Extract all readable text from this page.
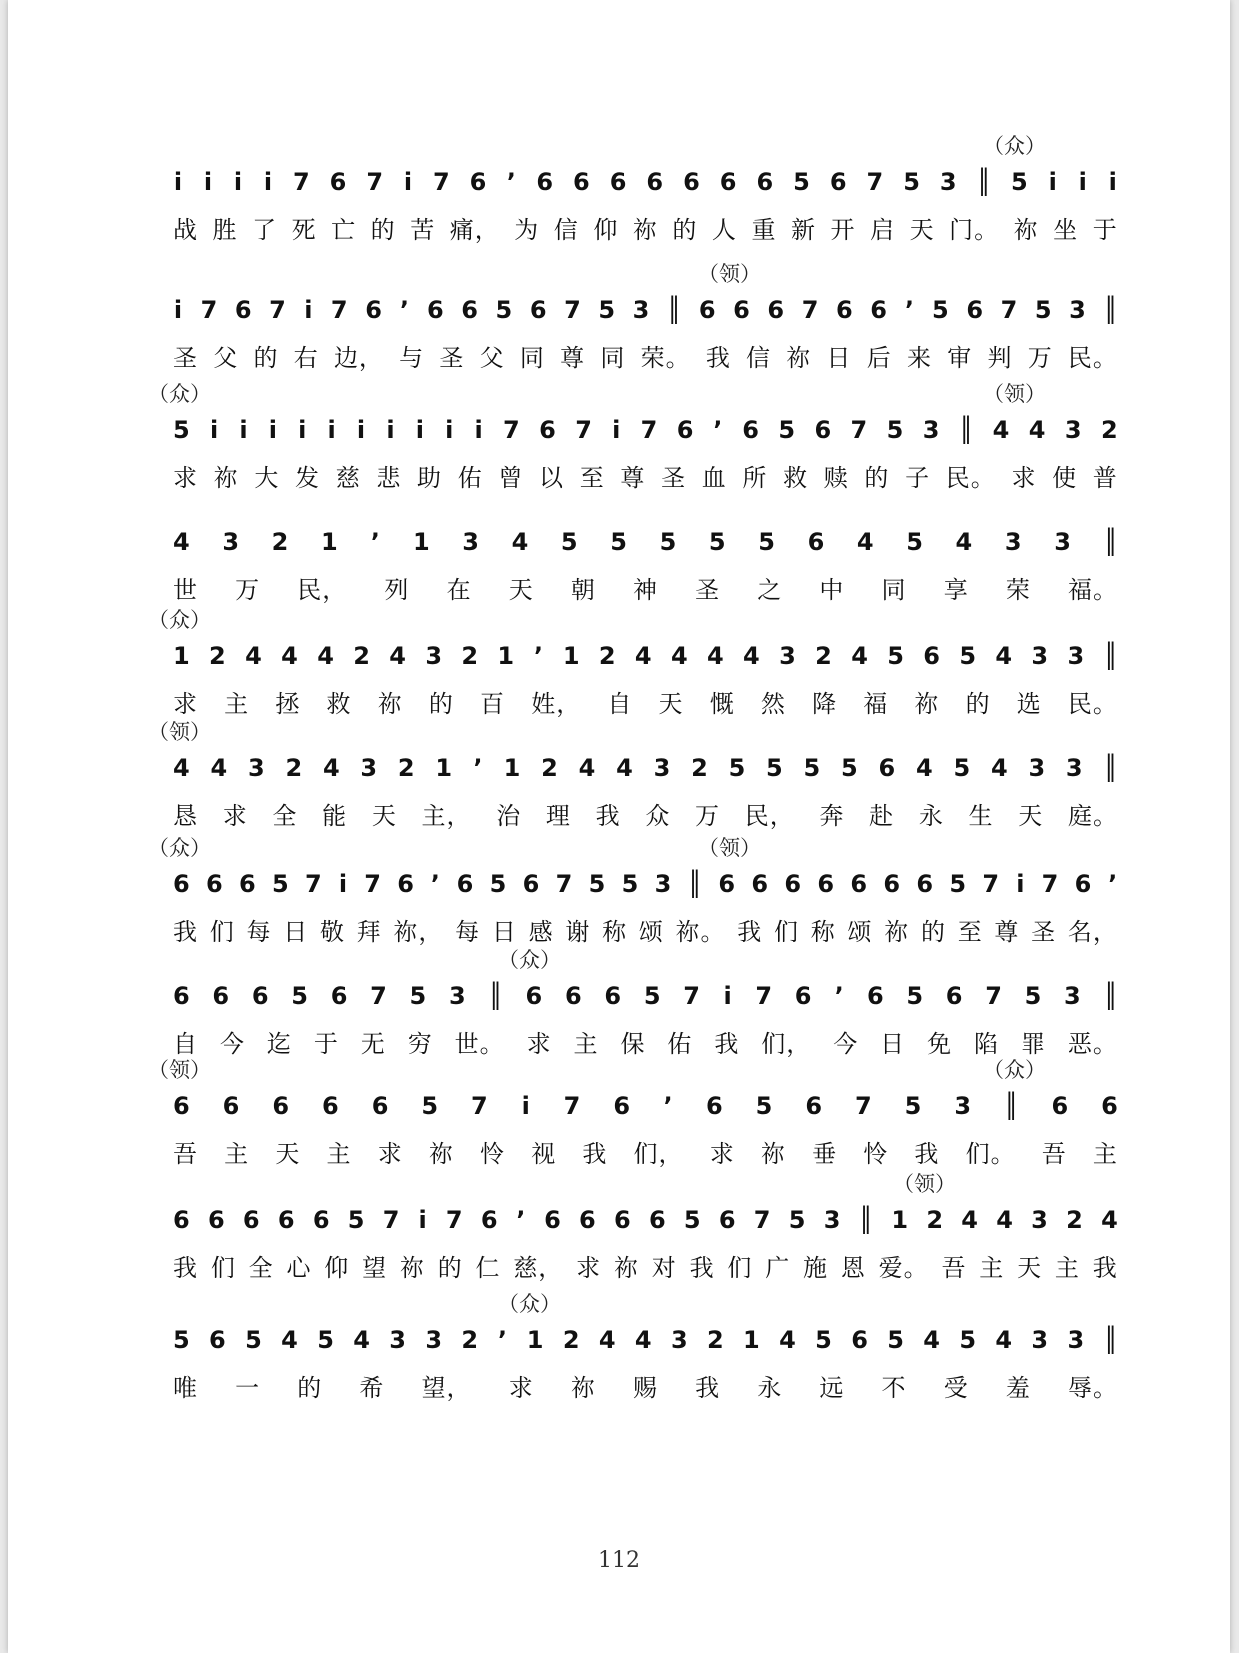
（众）
i i i i 7 6 7 i 7 6 ’ 6 6 6 6 6 6 6 5 6 7 5 3 ║ 5 i i i
战 胜 了 死 亡 的 苦 痛， 为 信 仰 祢 的 人 重 新 开 启 天 门。 祢 坐 于
（领）
i 7 6 7 i 7 6 ’ 6 6 5 6 7 5 3 ║ 6 6 6 7 6 6 ’ 5 6 7 5 3 ║
圣 父 的 右 边， 与 圣 父 同 尊 同 荣。 我 信 祢 日 后 来 审 判 万 民。
（众）	（领）
5 i i i i i i i i i i 7 6 7 i 7 6 ’ 6 5 6 7 5 3 ║ 4 4 3 2
求 祢 大 发 慈 悲 助 佑 曾 以 至 尊 圣 血 所 救 赎 的 子 民。 求 使 普
4 3 2 1 ’ 1 3 4 5 5 5 5 5 6 4 5 4 3 3 ║
世 万 民， 列 在 天 朝 神 圣 之 中 同 享 荣 福。
（众）
1 2 4 4 4 2 4 3 2 1 ’ 1 2 4 4 4 4 3 2 4 5 6 5 4 3 3 ║
求 主 拯 救 祢 的 百 姓， 自 天 慨 然 降 福 祢 的 选 民。
（领）
4 4 3 2 4 3 2 1 ’ 1 2 4 4 3 2 5 5 5 5 6 4 5 4 3 3 ║
恳 求 全 能 天 主， 治 理 我 众 万 民， 奔 赴 永 生 天 庭。
（众）	（领）
6 6 6 5 7 i 7 6 ’ 6 5 6 7 5 5 3 ║ 6 6 6 6 6 6 6 5 7 i 7 6 ’
我 们 每 日 敬 拜 祢， 每 日 感 谢 称 颂 祢。 我 们 称 颂 祢 的 至 尊 圣 名，
（众）
6 6 6 5 6 7 5 3 ║ 6 6 6 5 7 i 7 6 ’ 6 5 6 7 5 3 ║
自 今 迄 于 无 穷 世。 求 主 保 佑 我 们， 今 日 免 陷 罪 恶。
（领）	（众）
6 6 6 6 6 5 7 i 7 6 ’ 6 5 6 7 5 3 ║ 6 6
吾 主 天 主 求 祢 怜 视 我 们， 求 祢 垂 怜 我 们。 吾 主
（领）
6 6 6 6 6 5 7 i 7 6 ’ 6 6 6 6 5 6 7 5 3 ║ 1 2 4 4 3 2 4
我 们 全 心 仰 望 祢 的 仁 慈， 求 祢 对 我 们 广 施 恩 爱。 吾 主 天 主 我
（众）
5 6 5 4 5 4 3 3 2 ’ 1 2 4 4 3 2 1 4 5 6 5 4 5 4 3 3 ║
唯 一 的 希 望， 求 祢 赐 我 永 远 不 受 羞 辱。
112
